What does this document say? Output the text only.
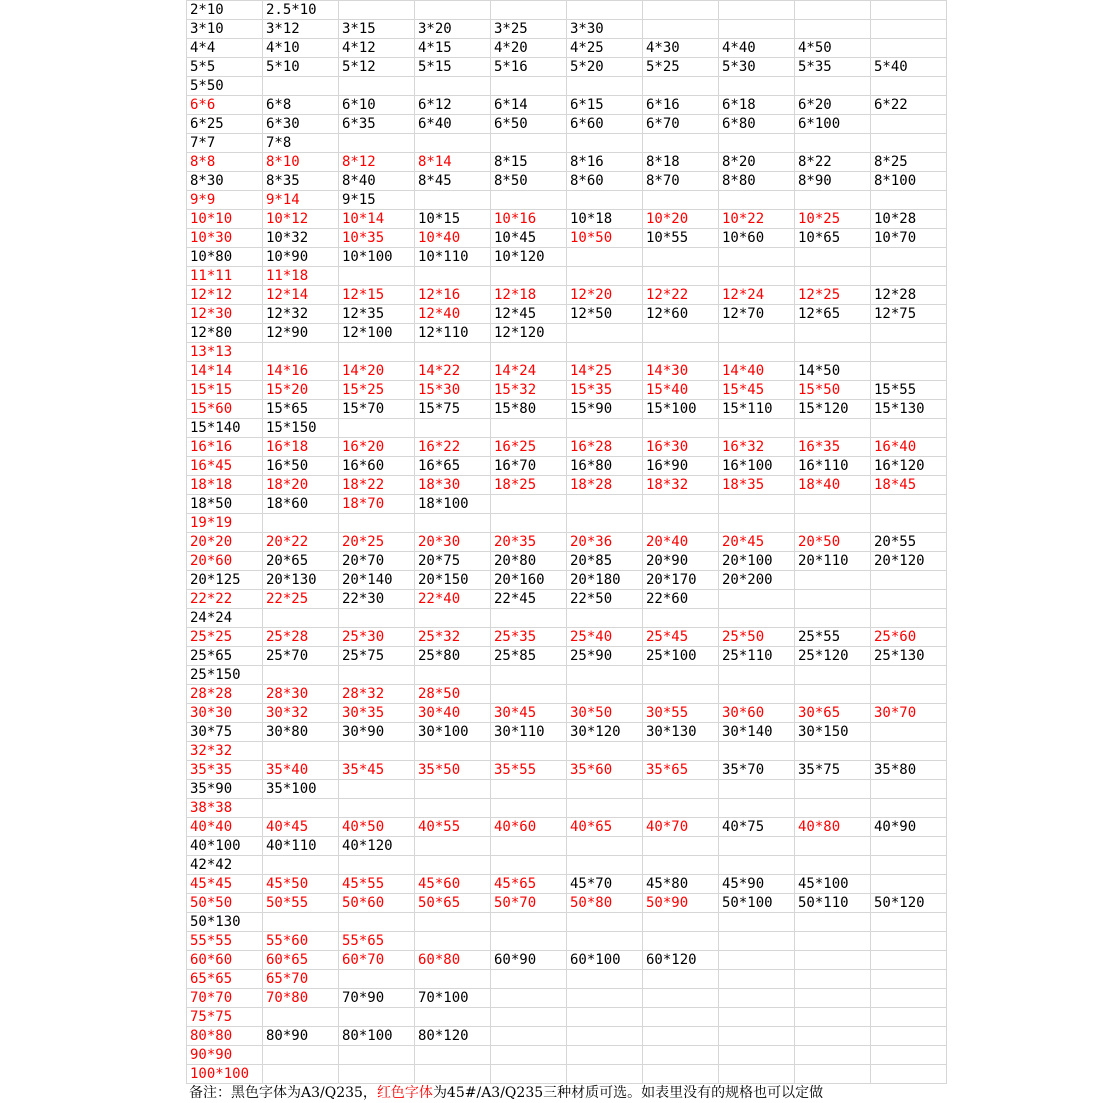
2*10	2.5*10								
3*10	3*12	3*15	3*20	3*25	3*30				
4*4	4*10	4*12	4*15	4*20	4*25	4*30	4*40	4*50	
5*5	5*10	5*12	5*15	5*16	5*20	5*25	5*30	5*35	5*40
5*50									
6*6	6*8	6*10	6*12	6*14	6*15	6*16	6*18	6*20	6*22
6*25	6*30	6*35	6*40	6*50	6*60	6*70	6*80	6*100	
7*7	7*8								
8*8	8*10	8*12	8*14	8*15	8*16	8*18	8*20	8*22	8*25
8*30	8*35	8*40	8*45	8*50	8*60	8*70	8*80	8*90	8*100
9*9	9*14	9*15							
10*10	10*12	10*14	10*15	10*16	10*18	10*20	10*22	10*25	10*28
10*30	10*32	10*35	10*40	10*45	10*50	10*55	10*60	10*65	10*70
10*80	10*90	10*100	10*110	10*120					
11*11	11*18								
12*12	12*14	12*15	12*16	12*18	12*20	12*22	12*24	12*25	12*28
12*30	12*32	12*35	12*40	12*45	12*50	12*60	12*70	12*65	12*75
12*80	12*90	12*100	12*110	12*120					
13*13									
14*14	14*16	14*20	14*22	14*24	14*25	14*30	14*40	14*50	
15*15	15*20	15*25	15*30	15*32	15*35	15*40	15*45	15*50	15*55
15*60	15*65	15*70	15*75	15*80	15*90	15*100	15*110	15*120	15*130
15*140	15*150								
16*16	16*18	16*20	16*22	16*25	16*28	16*30	16*32	16*35	16*40
16*45	16*50	16*60	16*65	16*70	16*80	16*90	16*100	16*110	16*120
18*18	18*20	18*22	18*30	18*25	18*28	18*32	18*35	18*40	18*45
18*50	18*60	18*70	18*100						
19*19									
20*20	20*22	20*25	20*30	20*35	20*36	20*40	20*45	20*50	20*55
20*60	20*65	20*70	20*75	20*80	20*85	20*90	20*100	20*110	20*120
20*125	20*130	20*140	20*150	20*160	20*180	20*170	20*200		
22*22	22*25	22*30	22*40	22*45	22*50	22*60			
24*24									
25*25	25*28	25*30	25*32	25*35	25*40	25*45	25*50	25*55	25*60
25*65	25*70	25*75	25*80	25*85	25*90	25*100	25*110	25*120	25*130
25*150									
28*28	28*30	28*32	28*50						
30*30	30*32	30*35	30*40	30*45	30*50	30*55	30*60	30*65	30*70
30*75	30*80	30*90	30*100	30*110	30*120	30*130	30*140	30*150	
32*32									
35*35	35*40	35*45	35*50	35*55	35*60	35*65	35*70	35*75	35*80
35*90	35*100								
38*38									
40*40	40*45	40*50	40*55	40*60	40*65	40*70	40*75	40*80	40*90
40*100	40*110	40*120							
42*42									
45*45	45*50	45*55	45*60	45*65	45*70	45*80	45*90	45*100	
50*50	50*55	50*60	50*65	50*70	50*80	50*90	50*100	50*110	50*120
50*130									
55*55	55*60	55*65							
60*60	60*65	60*70	60*80	60*90	60*100	60*120			
65*65	65*70								
70*70	70*80	70*90	70*100						
75*75									
80*80	80*90	80*100	80*120						
90*90									
100*100									
备注：黑色字体为A3/Q235，红色字体为45#/A3/Q235三种材质可选。如表里没有的规格也可以定做
